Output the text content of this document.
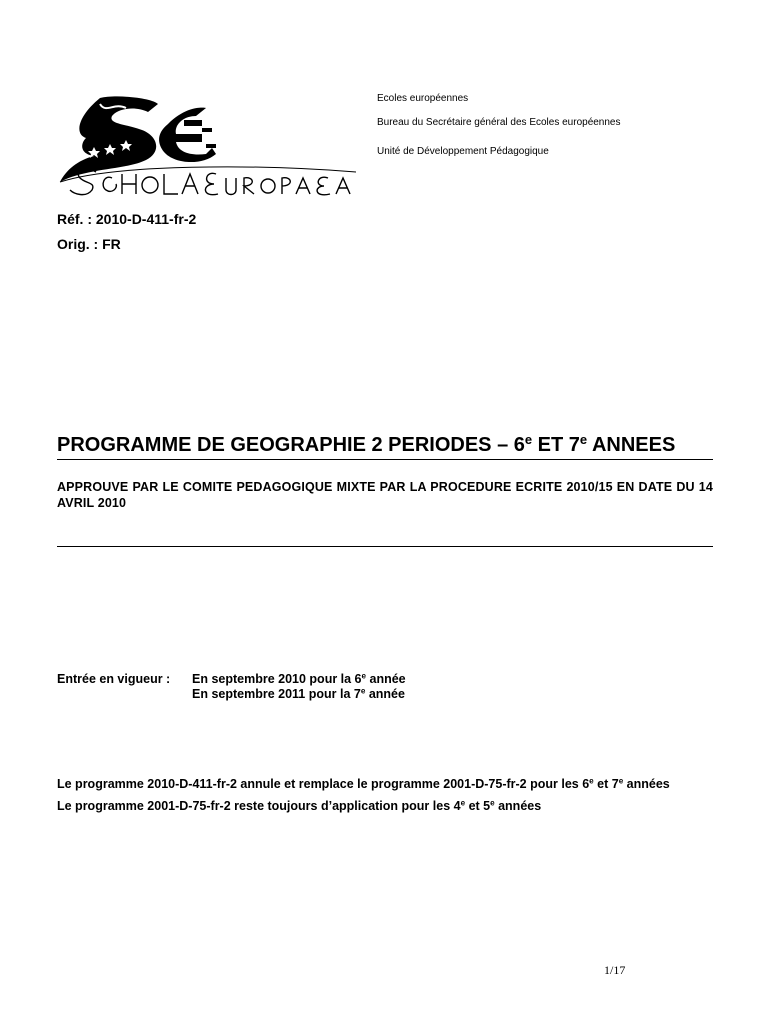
Ecoles européennes
Bureau du Secrétaire général des Ecoles européennes
Unité de Développement Pédagogique
Réf. : 2010-D-411-fr-2
Orig. : FR
PROGRAMME DE GEOGRAPHIE 2 PERIODES – 6e ET 7e ANNEES
APPROUVE PAR LE COMITE PEDAGOGIQUE MIXTE PAR LA PROCEDURE ECRITE 2010/15 EN DATE DU 14 AVRIL 2010
Entrée en vigueur : En septembre 2010 pour la 6e année
En septembre 2011 pour la 7e année
Le programme 2010-D-411-fr-2 annule et remplace le programme 2001-D-75-fr-2 pour les 6e et 7e années
Le programme 2001-D-75-fr-2 reste toujours d’application pour les 4e et 5e années
1/17
